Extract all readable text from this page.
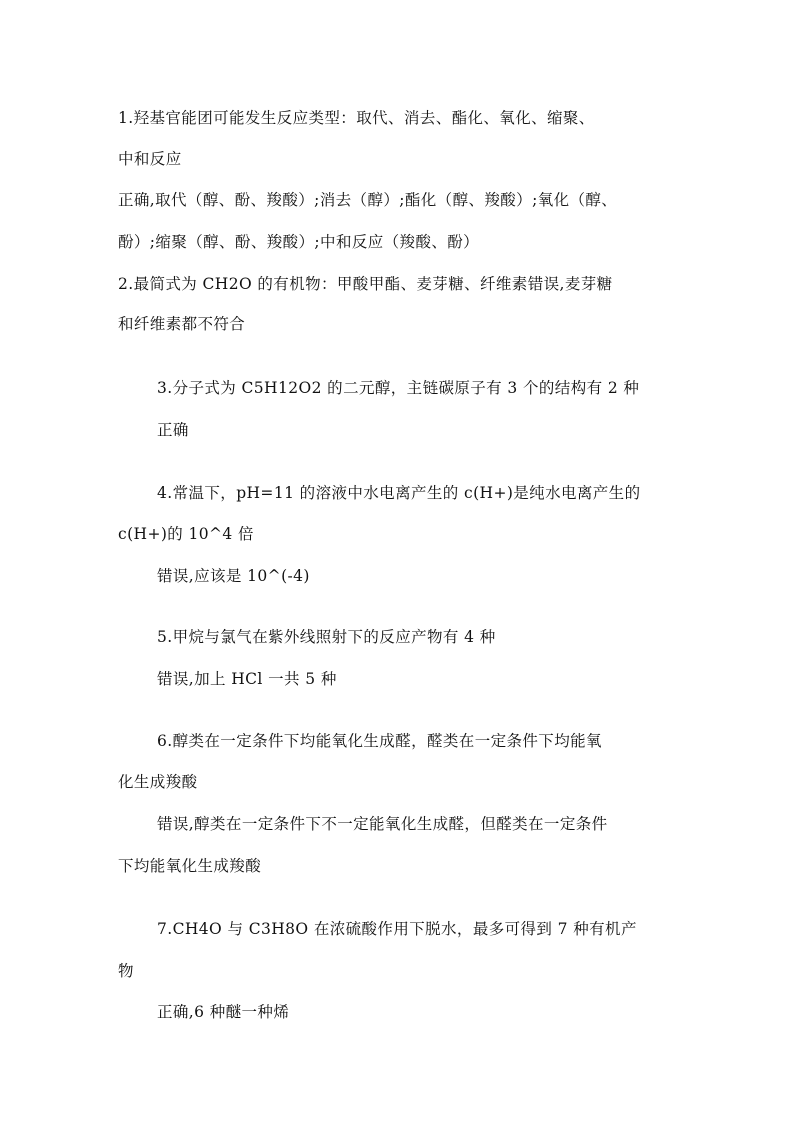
1.羟基官能团可能发生反应类型：取代、消去、酯化、氧化、缩聚、
中和反应
正确,取代（醇、酚、羧酸）;消去（醇）;酯化（醇、羧酸）;氧化（醇、
酚）;缩聚（醇、酚、羧酸）;中和反应（羧酸、酚）
2.最简式为 CH2O 的有机物：甲酸甲酯、麦芽糖、纤维素错误,麦芽糖
和纤维素都不符合
3.分子式为 C5H12O2 的二元醇，主链碳原子有 3 个的结构有 2 种
正确
4.常温下，pH=11 的溶液中水电离产生的 c(H+)是纯水电离产生的
c(H+)的 10^4 倍
错误,应该是 10^(-4)
5.甲烷与氯气在紫外线照射下的反应产物有 4 种
错误,加上 HCl 一共 5 种
6.醇类在一定条件下均能氧化生成醛，醛类在一定条件下均能氧
化生成羧酸
错误,醇类在一定条件下不一定能氧化生成醛，但醛类在一定条件
下均能氧化生成羧酸
7.CH4O 与 C3H8O 在浓硫酸作用下脱水，最多可得到 7 种有机产
物
正确,6 种醚一种烯
